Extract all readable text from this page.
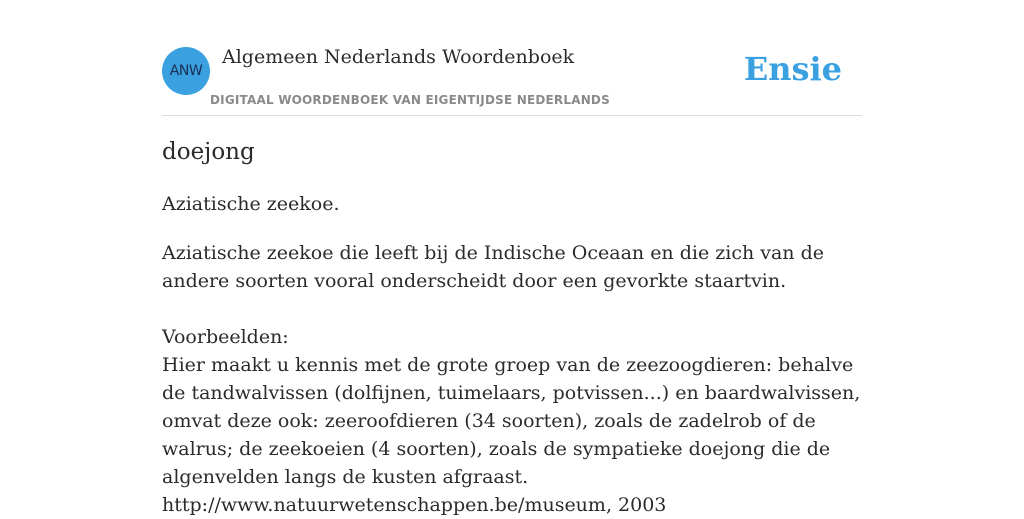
ANW
Algemeen Nederlands Woordenboek
DIGITAAL WOORDENBOEK VAN EIGENTIJDSE NEDERLANDS
Ensie
doejong
Aziatische zeekoe.

Aziatische zeekoe die leeft bij de Indische Oceaan en die zich van de andere soorten vooral onderscheidt door een gevorkte staartvin.

Voorbeelden:

Hier maakt u kennis met de grote groep van de zeezoogdieren: behalve de tandwalvissen (dolfijnen, tuimelaars, potvissen...) en baardwalvissen, omvat deze ook: zeeroofdieren (34 soorten), zoals de zadelrob of de walrus; de zeekoeien (4 soorten), zoals de sympatieke doejong die de algenvelden langs de kusten afgraast.

http://www.natuurwetenschappen.be/museum, 2003
